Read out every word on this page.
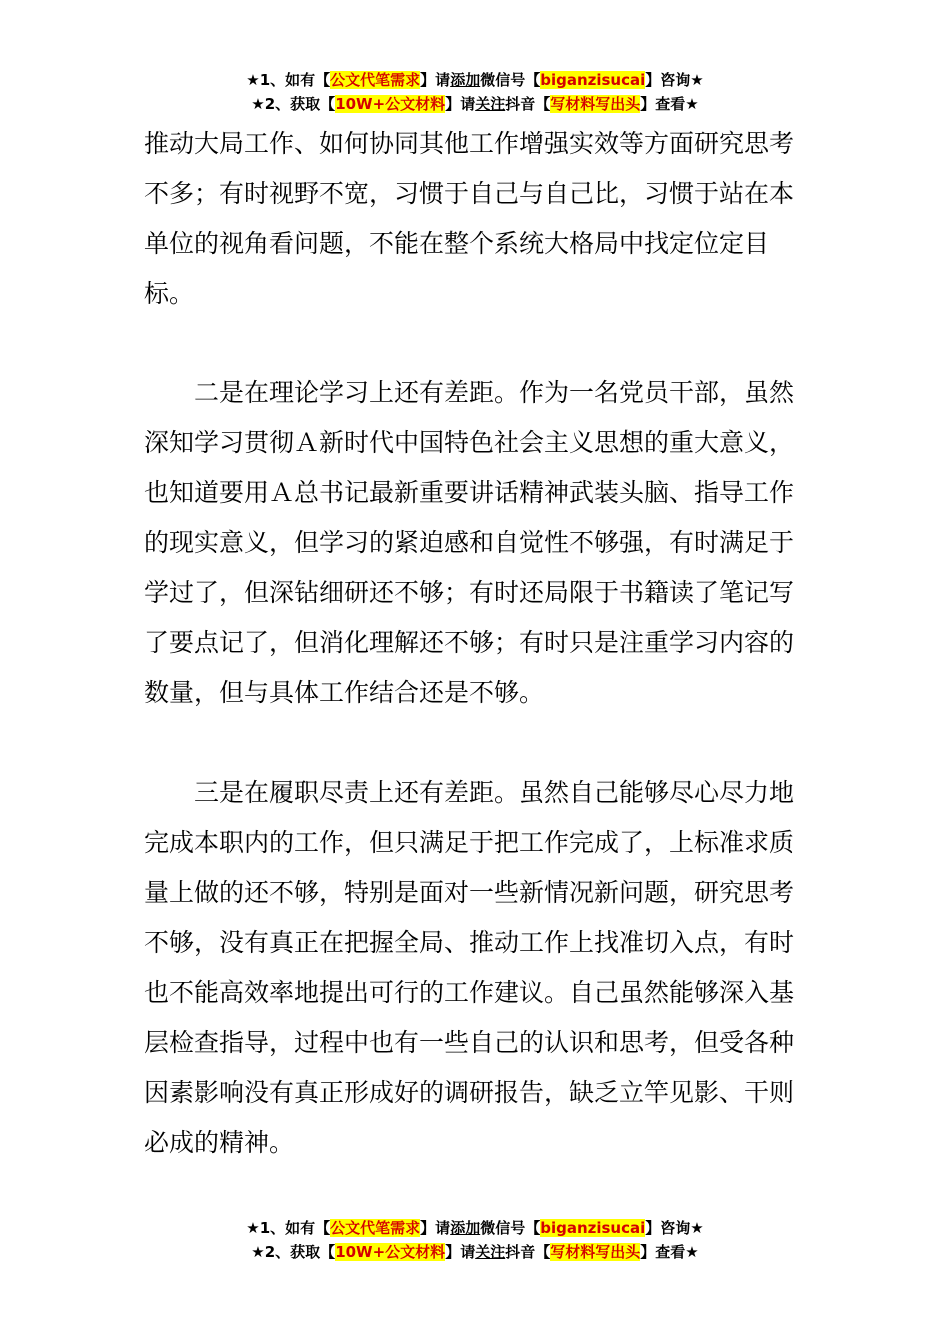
★1、如有【公文代笔需求】请添加微信号【biganzisucai】咨询★
★2、获取【10W+公文材料】请关注抖音【写材料写出头】查看★

推动大局工作、如何协同其他工作增强实效等方面研究思考不多；有时视野不宽，习惯于自己与自己比，习惯于站在本单位的视角看问题，不能在整个系统大格局中找定位定目标。

二是在理论学习上还有差距。作为一名党员干部，虽然深知学习贯彻Ａ新时代中国特色社会主义思想的重大意义，也知道要用Ａ总书记最新重要讲话精神武装头脑、指导工作的现实意义，但学习的紧迫感和自觉性不够强，有时满足于学过了，但深钻细研还不够；有时还局限于书籍读了笔记写了要点记了，但消化理解还不够；有时只是注重学习内容的数量，但与具体工作结合还是不够。

三是在履职尽责上还有差距。虽然自己能够尽心尽力地完成本职内的工作，但只满足于把工作完成了，上标准求质量上做的还不够，特别是面对一些新情况新问题，研究思考不够，没有真正在把握全局、推动工作上找准切入点，有时也不能高效率地提出可行的工作建议。自己虽然能够深入基层检查指导，过程中也有一些自己的认识和思考，但受各种因素影响没有真正形成好的调研报告，缺乏立竿见影、干则必成的精神。

★1、如有【公文代笔需求】请添加微信号【biganzisucai】咨询★
★2、获取【10W+公文材料】请关注抖音【写材料写出头】查看★
